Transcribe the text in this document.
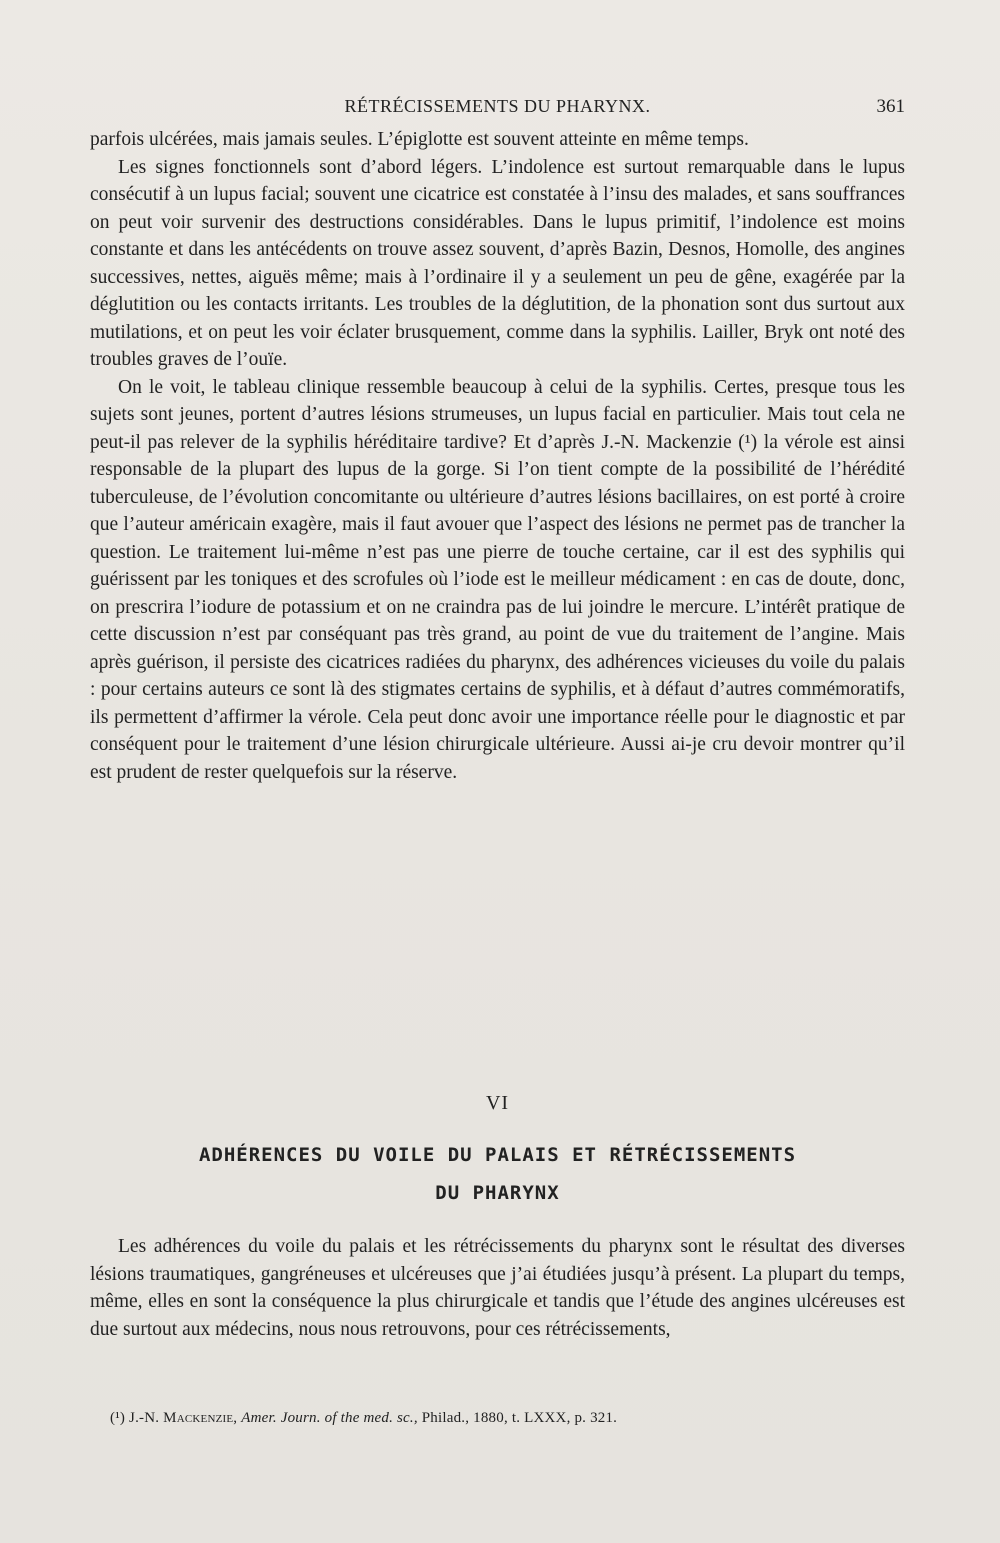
RÉTRÉCISSEMENTS DU PHARYNX.	361

parfois ulcérées, mais jamais seules. L’épiglotte est souvent atteinte en même temps.

Les signes fonctionnels sont d’abord légers. L’indolence est surtout remarquable dans le lupus consécutif à un lupus facial; souvent une cicatrice est constatée à l’insu des malades, et sans souffrances on peut voir survenir des destructions considérables. Dans le lupus primitif, l’indolence est moins constante et dans les antécédents on trouve assez souvent, d’après Bazin, Desnos, Homolle, des angines successives, nettes, aiguës même; mais à l’ordinaire il y a seulement un peu de gêne, exagérée par la déglutition ou les contacts irritants. Les troubles de la déglutition, de la phonation sont dus surtout aux mutilations, et on peut les voir éclater brusquement, comme dans la syphilis. Lailler, Bryk ont noté des troubles graves de l’ouïe.

On le voit, le tableau clinique ressemble beaucoup à celui de la syphilis. Certes, presque tous les sujets sont jeunes, portent d’autres lésions strumeuses, un lupus facial en particulier. Mais tout cela ne peut-il pas relever de la syphilis héréditaire tardive? Et d’après J.-N. Mackenzie (¹) la vérole est ainsi responsable de la plupart des lupus de la gorge. Si l’on tient compte de la possibilité de l’hérédité tuberculeuse, de l’évolution concomitante ou ultérieure d’autres lésions bacillaires, on est porté à croire que l’auteur américain exagère, mais il faut avouer que l’aspect des lésions ne permet pas de trancher la question. Le traitement lui-même n’est pas une pierre de touche certaine, car il est des syphilis qui guérissent par les toniques et des scrofules où l’iode est le meilleur médicament : en cas de doute, donc, on prescrira l’iodure de potassium et on ne craindra pas de lui joindre le mercure. L’intérêt pratique de cette discussion n’est par conséquant pas très grand, au point de vue du traitement de l’angine. Mais après guérison, il persiste des cicatrices radiées du pharynx, des adhérences vicieuses du voile du palais : pour certains auteurs ce sont là des stigmates certains de syphilis, et à défaut d’autres commémoratifs, ils permettent d’affirmer la vérole. Cela peut donc avoir une importance réelle pour le diagnostic et par conséquent pour le traitement d’une lésion chirurgicale ultérieure. Aussi ai-je cru devoir montrer qu’il est prudent de rester quelquefois sur la réserve.

VI
ADHÉRENCES DU VOILE DU PALAIS ET RÉTRÉCISSEMENTS
DU PHARYNX

Les adhérences du voile du palais et les rétrécissements du pharynx sont le résultat des diverses lésions traumatiques, gangréneuses et ulcéreuses que j’ai étudiées jusqu’à présent. La plupart du temps, même, elles en sont la conséquence la plus chirurgicale et tandis que l’étude des angines ulcéreuses est due surtout aux médecins, nous nous retrouvons, pour ces rétrécissements,

(¹) J.-N. Mackenzie, Amer. Journ. of the med. sc., Philad., 1880, t. LXXX, p. 321.
